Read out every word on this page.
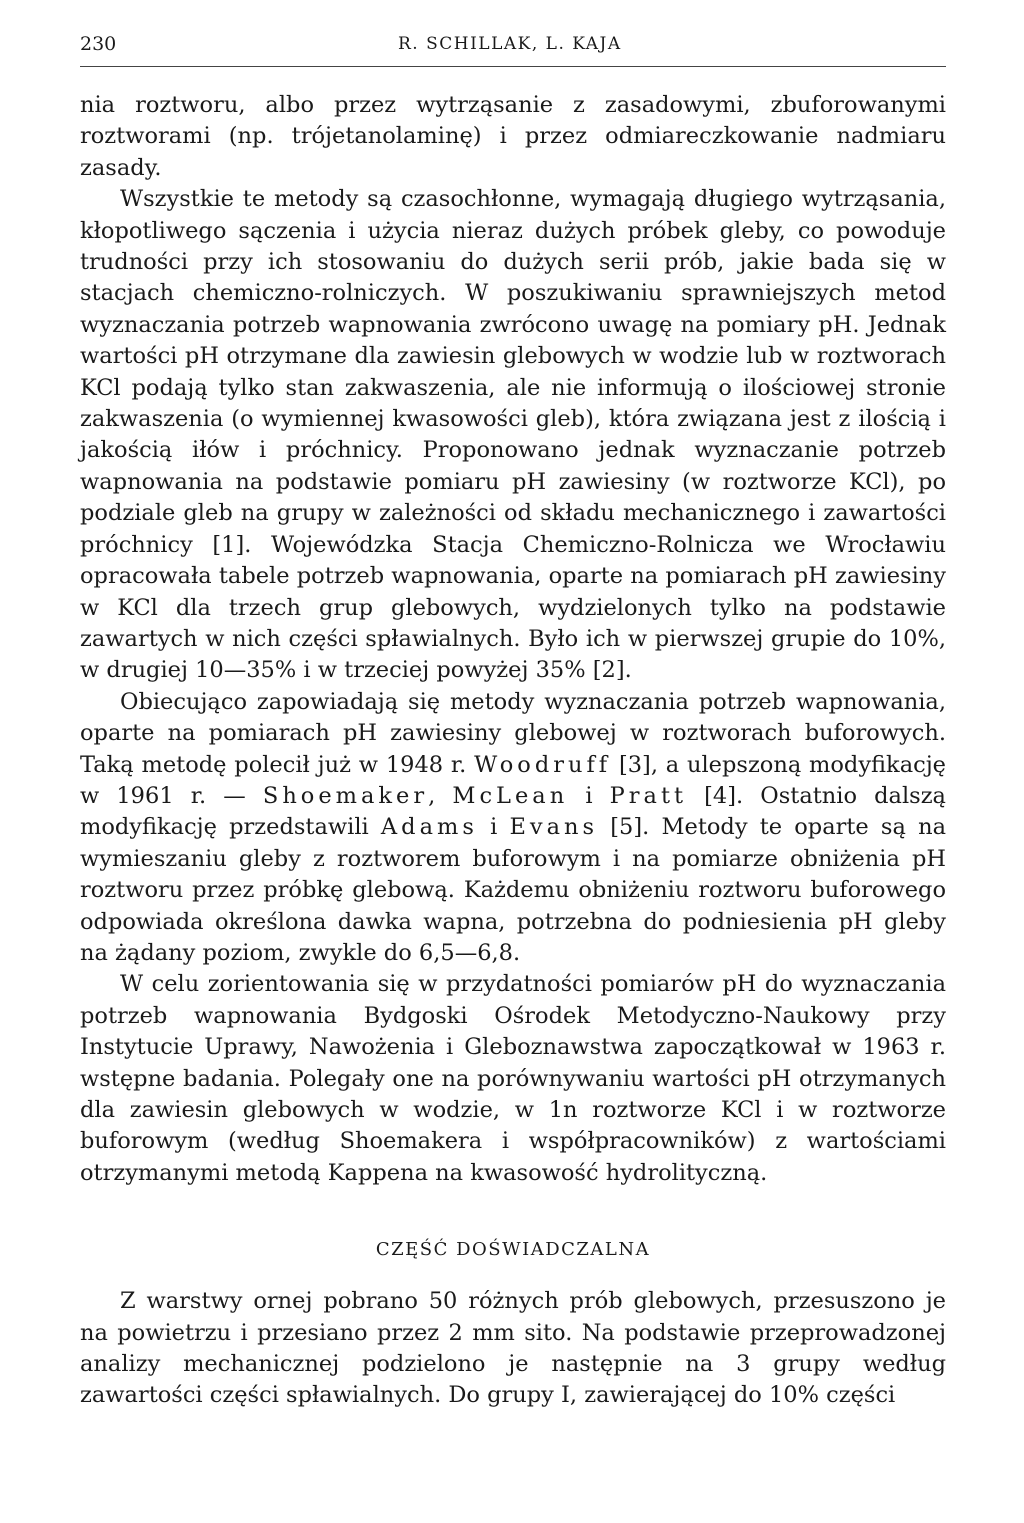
230	R. SCHILLAK, L. KAJA

nia roztworu, albo przez wytrząsanie z zasadowymi, zbuforowanymi roztworami (np. trójetanolaminę) i przez odmiareczkowanie nadmiaru zasady.

Wszystkie te metody są czasochłonne, wymagają długiego wytrząsania, kłopotliwego sączenia i użycia nieraz dużych próbek gleby, co powoduje trudności przy ich stosowaniu do dużych serii prób, jakie bada się w stacjach chemiczno-rolniczych. W poszukiwaniu sprawniejszych metod wyznaczania potrzeb wapnowania zwrócono uwagę na pomiary pH. Jednak wartości pH otrzymane dla zawiesin glebowych w wodzie lub w roztworach KCl podają tylko stan zakwaszenia, ale nie informują o ilościowej stronie zakwaszenia (o wymiennej kwasowości gleb), która związana jest z ilością i jakością iłów i próchnicy. Proponowano jednak wyznaczanie potrzeb wapnowania na podstawie pomiaru pH zawiesiny (w roztworze KCl), po podziale gleb na grupy w zależności od składu mechanicznego i zawartości próchnicy [1]. Wojewódzka Stacja Chemiczno-Rolnicza we Wrocławiu opracowała tabele potrzeb wapnowania, oparte na pomiarach pH zawiesiny w KCl dla trzech grup glebowych, wydzielonych tylko na podstawie zawartych w nich części spławialnych. Było ich w pierwszej grupie do 10%, w drugiej 10—35% i w trzeciej powyżej 35% [2].

Obiecująco zapowiadają się metody wyznaczania potrzeb wapnowania, oparte na pomiarach pH zawiesiny glebowej w roztworach buforowych. Taką metodę polecił już w 1948 r. Woodruff [3], a ulepszoną modyfikację w 1961 r. — Shoemaker, McLean i Pratt [4]. Ostatnio dalszą modyfikację przedstawili Adams i Evans [5]. Metody te oparte są na wymieszaniu gleby z roztworem buforowym i na pomiarze obniżenia pH roztworu przez próbkę glebową. Każdemu obniżeniu roztworu buforowego odpowiada określona dawka wapna, potrzebna do podniesienia pH gleby na żądany poziom, zwykle do 6,5—6,8.

W celu zorientowania się w przydatności pomiarów pH do wyznaczania potrzeb wapnowania Bydgoski Ośrodek Metodyczno-Naukowy przy Instytucie Uprawy, Nawożenia i Gleboznawstwa zapoczątkował w 1963 r. wstępne badania. Polegały one na porównywaniu wartości pH otrzymanych dla zawiesin glebowych w wodzie, w 1n roztworze KCl i w roztworze buforowym (według Shoemakera i współpracowników) z wartościami otrzymanymi metodą Kappena na kwasowość hydrolityczną.

CZĘŚĆ DOŚWIADCZALNA

Z warstwy ornej pobrano 50 różnych prób glebowych, przesuszono je na powietrzu i przesiano przez 2 mm sito. Na podstawie przeprowadzonej analizy mechanicznej podzielono je następnie na 3 grupy według zawartości części spławialnych. Do grupy I, zawierającej do 10% części
